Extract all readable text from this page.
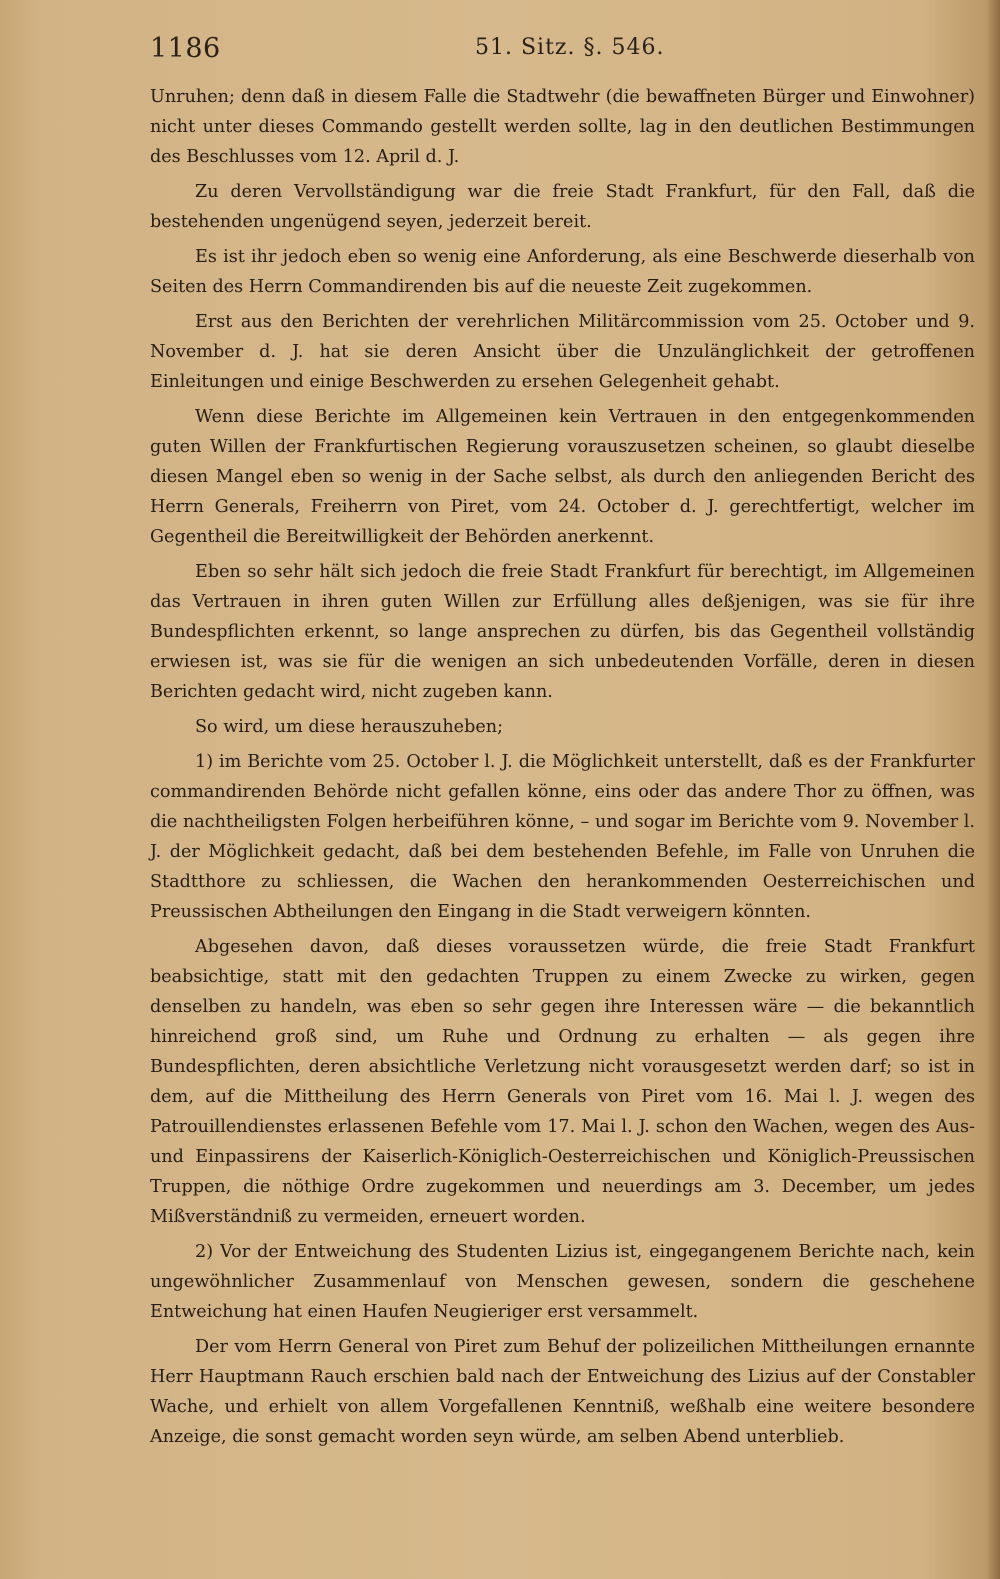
1186	51. Sitz. §. 546.

Unruhen; denn daß in diesem Falle die Stadtwehr (die bewaffneten Bürger und Einwohner) nicht unter dieses Commando gestellt werden sollte, lag in den deutlichen Bestimmungen des Beschlusses vom 12. April d. J.

Zu deren Vervollständigung war die freie Stadt Frankfurt, für den Fall, daß die bestehenden ungenügend seyen, jederzeit bereit.

Es ist ihr jedoch eben so wenig eine Anforderung, als eine Beschwerde dieserhalb von Seiten des Herrn Commandirenden bis auf die neueste Zeit zugekommen.

Erst aus den Berichten der verehrlichen Militärcommission vom 25. October und 9. November d. J. hat sie deren Ansicht über die Unzulänglichkeit der getroffenen Einleitungen und einige Beschwerden zu ersehen Gelegenheit gehabt.

Wenn diese Berichte im Allgemeinen kein Vertrauen in den entgegenkommenden guten Willen der Frankfurtischen Regierung vorauszusetzen scheinen, so glaubt dieselbe diesen Mangel eben so wenig in der Sache selbst, als durch den anliegenden Bericht des Herrn Generals, Freiherrn von Piret, vom 24. October d. J. gerechtfertigt, welcher im Gegentheil die Bereitwilligkeit der Behörden anerkennt.

Eben so sehr hält sich jedoch die freie Stadt Frankfurt für berechtigt, im Allgemeinen das Vertrauen in ihren guten Willen zur Erfüllung alles deßjenigen, was sie für ihre Bundespflichten erkennt, so lange ansprechen zu dürfen, bis das Gegentheil vollständig erwiesen ist, was sie für die wenigen an sich unbedeutenden Vorfälle, deren in diesen Berichten gedacht wird, nicht zugeben kann.

So wird, um diese herauszuheben;

1) im Berichte vom 25. October l. J. die Möglichkeit unterstellt, daß es der Frankfurter commandirenden Behörde nicht gefallen könne, eins oder das andere Thor zu öffnen, was die nachtheiligsten Folgen herbeiführen könne, – und sogar im Berichte vom 9. November l. J. der Möglichkeit gedacht, daß bei dem bestehenden Befehle, im Falle von Unruhen die Stadtthore zu schliessen, die Wachen den herankommenden Oesterreichischen und Preussischen Abtheilungen den Eingang in die Stadt verweigern könnten.

Abgesehen davon, daß dieses voraussetzen würde, die freie Stadt Frankfurt beabsichtige, statt mit den gedachten Truppen zu einem Zwecke zu wirken, gegen denselben zu handeln, was eben so sehr gegen ihre Interessen wäre — die bekanntlich hinreichend groß sind, um Ruhe und Ordnung zu erhalten — als gegen ihre Bundespflichten, deren absichtliche Verletzung nicht vorausgesetzt werden darf; so ist in dem, auf die Mittheilung des Herrn Generals von Piret vom 16. Mai l. J. wegen des Patrouillendienstes erlassenen Befehle vom 17. Mai l. J. schon den Wachen, wegen des Aus- und Einpassirens der Kaiserlich-Königlich-Oesterreichischen und Königlich-Preussischen Truppen, die nöthige Ordre zugekommen und neuerdings am 3. December, um jedes Mißverständniß zu vermeiden, erneuert worden.

2) Vor der Entweichung des Studenten Lizius ist, eingegangenem Berichte nach, kein ungewöhnlicher Zusammenlauf von Menschen gewesen, sondern die geschehene Entweichung hat einen Haufen Neugieriger erst versammelt.

Der vom Herrn General von Piret zum Behuf der polizeilichen Mittheilungen ernannte Herr Hauptmann Rauch erschien bald nach der Entweichung des Lizius auf der Constabler Wache, und erhielt von allem Vorgefallenen Kenntniß, weßhalb eine weitere besondere Anzeige, die sonst gemacht worden seyn würde, am selben Abend unterblieb.
